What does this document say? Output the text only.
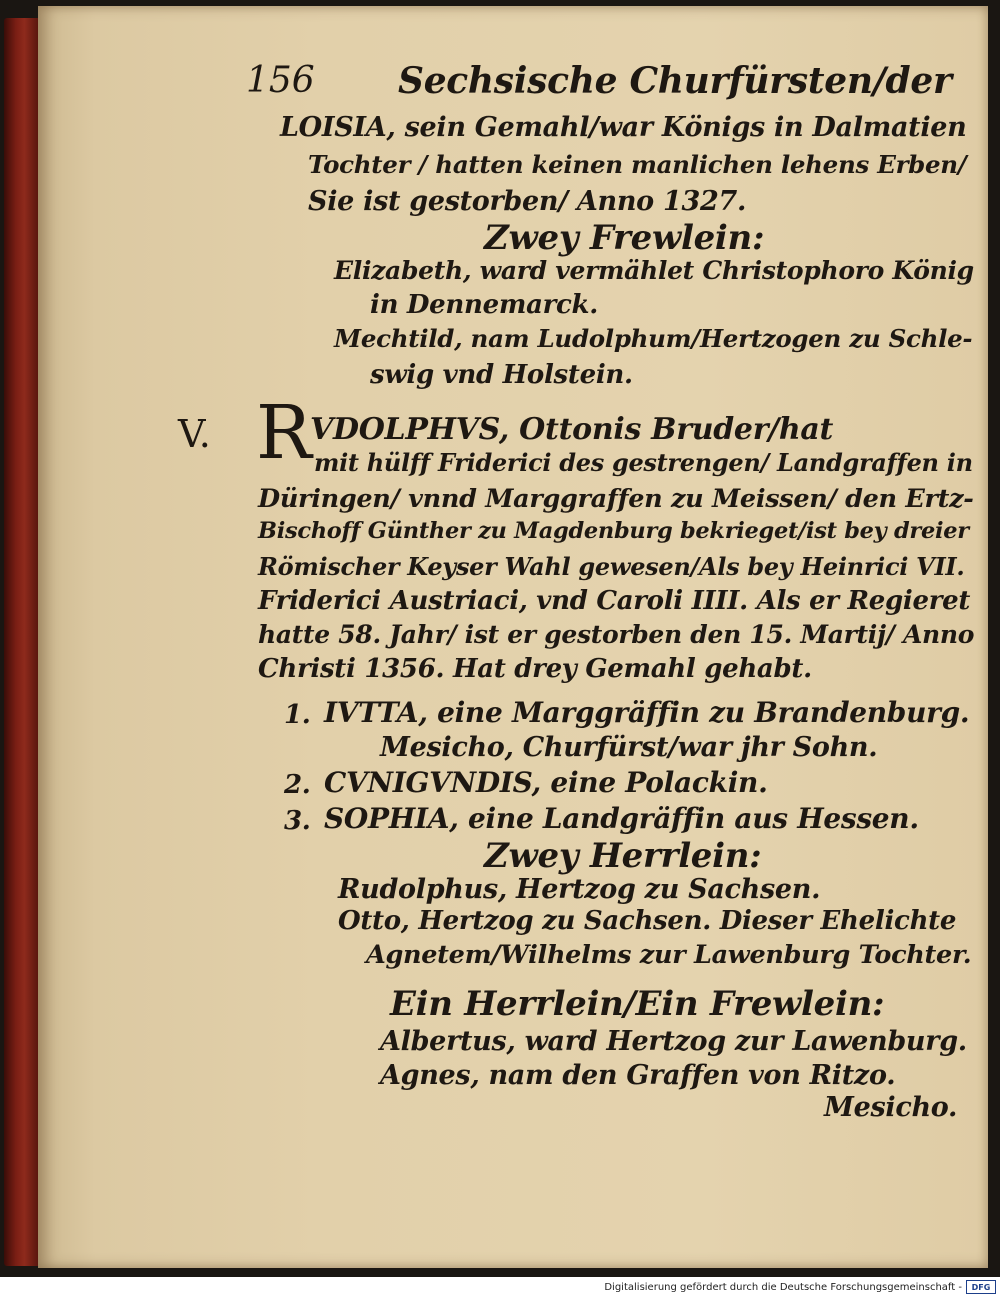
156 Sechsische Churfürsten/der
LOISIA, sein Gemahl/war Königs in Dalmatien
Tochter / hatten keinen manlichen lehens Erben/
Sie ist gestorben/ Anno 1327.
Zwey Frewlein:
Elizabeth, ward vermählet Christophoro König
in Dennemarck.
Mechtild, nam Ludolphum/Hertzogen zu Schle-
swig vnd Holstein.
V. R
VDOLPHVS, Ottonis Bruder/hat
mit hülff Friderici des gestrengen/ Landgraffen in
Düringen/ vnnd Marggraffen zu Meissen/ den Ertz-
Bischoff Günther zu Magdenburg bekrieget/ist bey dreier
Römischer Keyser Wahl gewesen/Als bey Heinrici VII.
Friderici Austriaci, vnd Caroli IIII. Als er Regieret
hatte 58. Jahr/ ist er gestorben den 15. Martij/ Anno
Christi 1356. Hat drey Gemahl gehabt.
1. IVTTA, eine Marggräffin zu Brandenburg.
Mesicho, Churfürst/war jhr Sohn.
2. CVNIGVNDIS, eine Polackin.
3. SOPHIA, eine Landgräffin aus Hessen.
Zwey Herrlein:
Rudolphus, Hertzog zu Sachsen.
Otto, Hertzog zu Sachsen. Dieser Ehelichte
Agnetem/Wilhelms zur Lawenburg Tochter.
Ein Herrlein/Ein Frewlein:
Albertus, ward Hertzog zur Lawenburg.
Agnes, nam den Graffen von Ritzo.
Mesicho.
Digitalisierung gefördert durch die Deutsche Forschungsgemeinschaft -	DFG
